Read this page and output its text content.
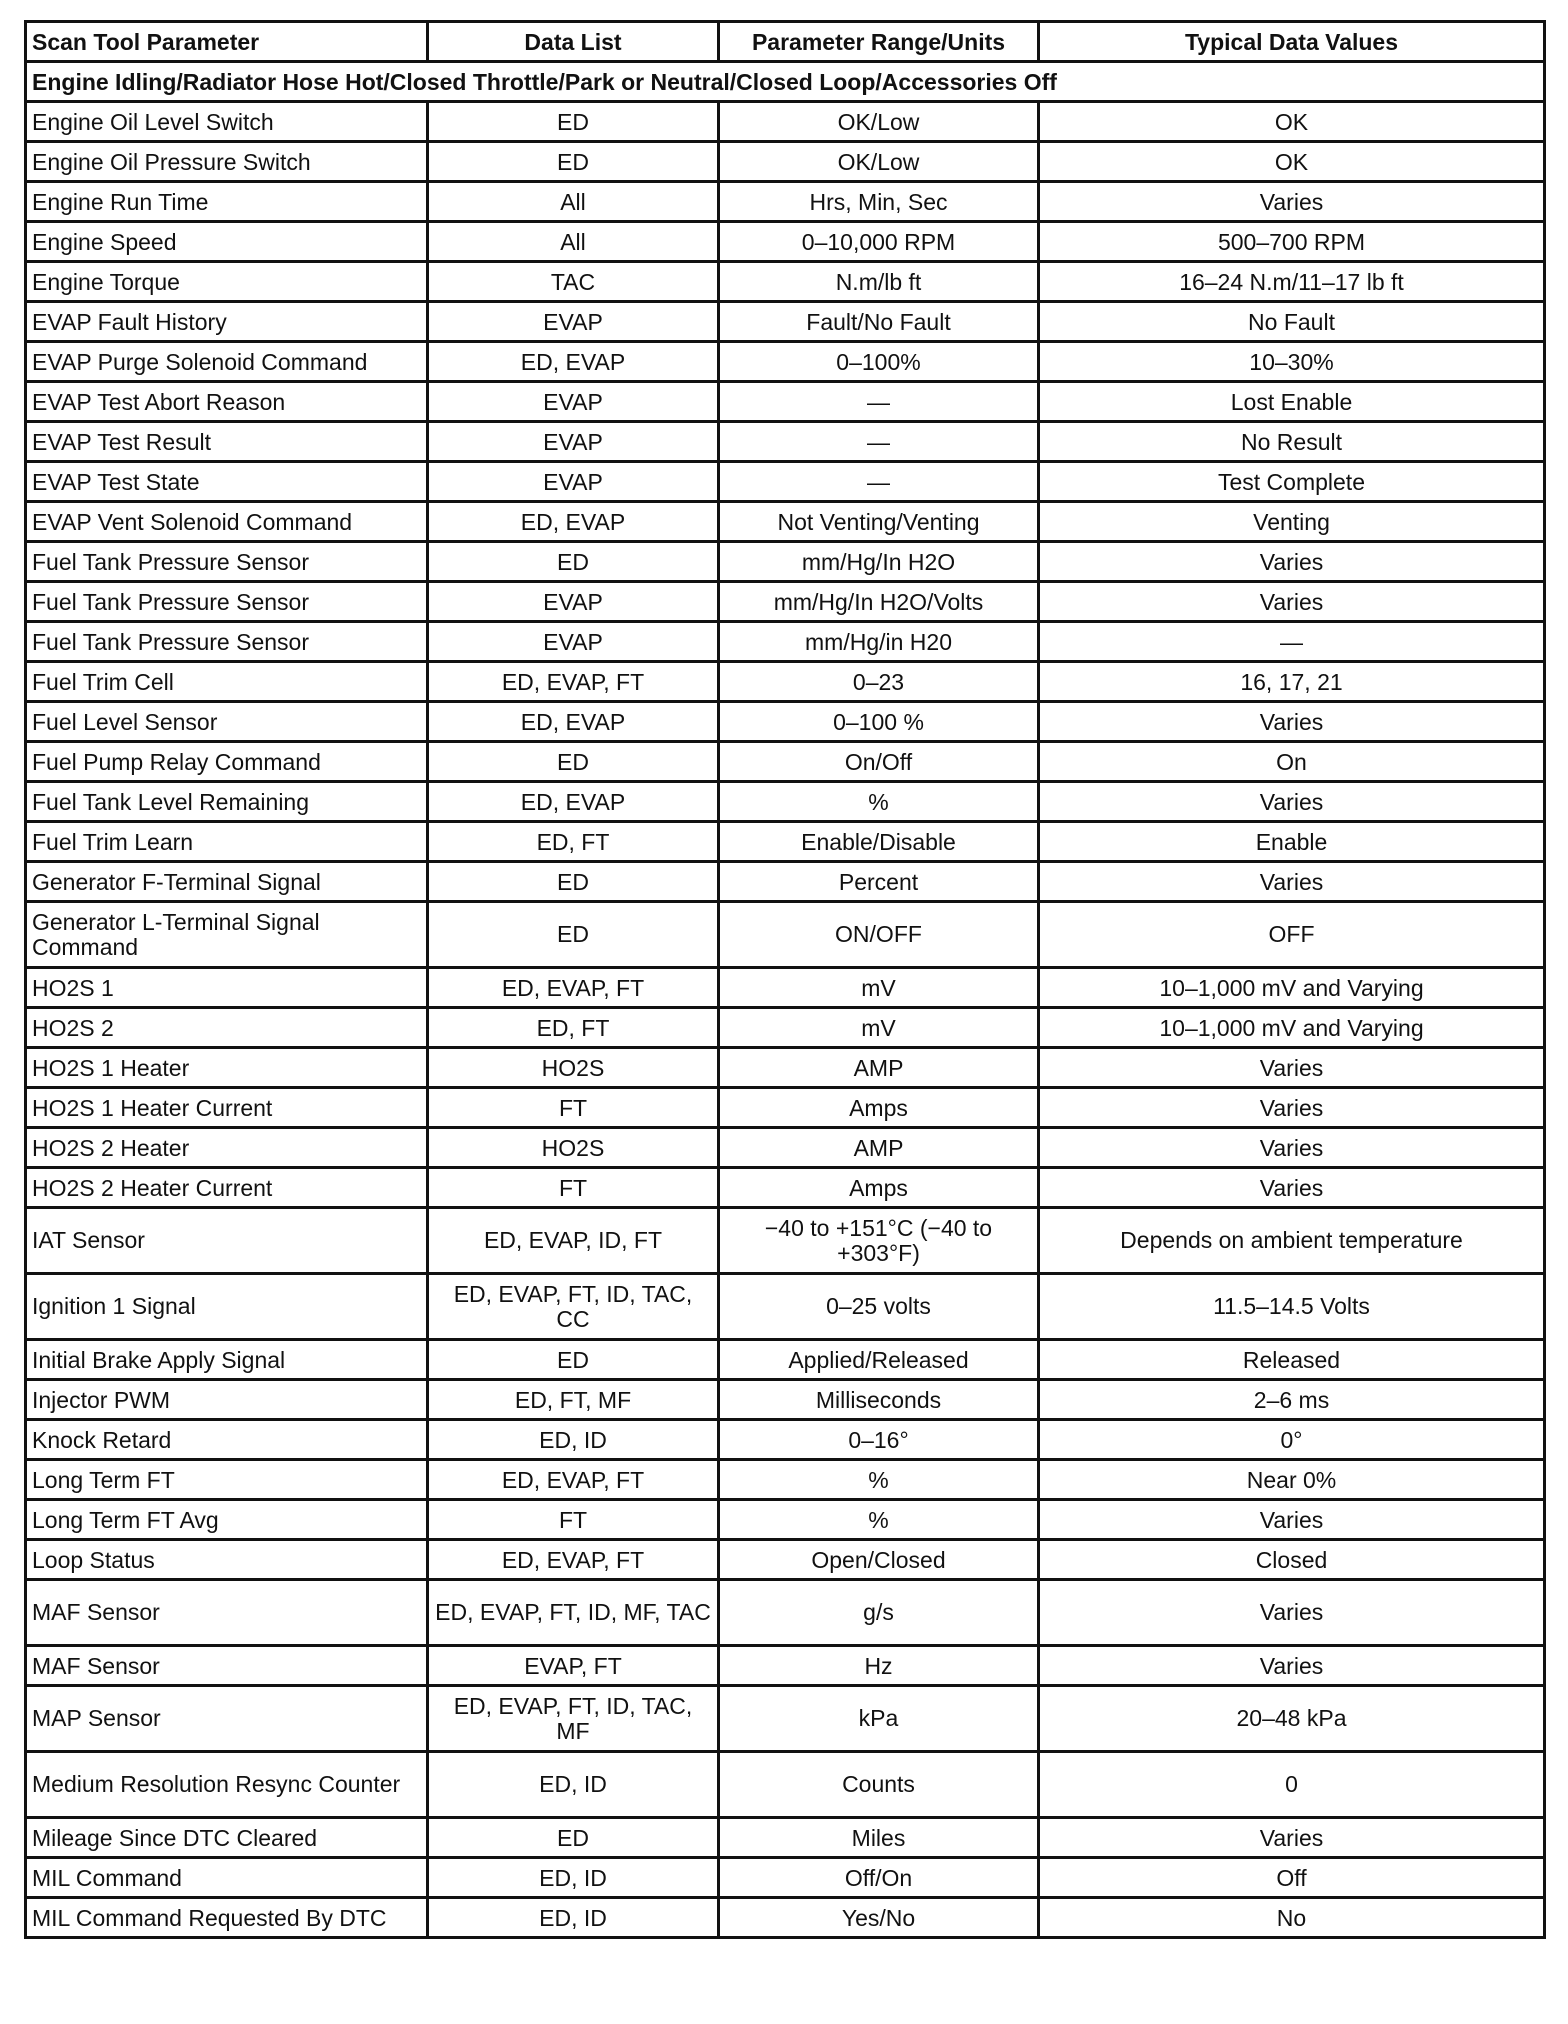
Scan Tool Parameter	Data List	Parameter Range/Units	Typical Data Values
Engine Idling/Radiator Hose Hot/Closed Throttle/Park or Neutral/Closed Loop/Accessories Off			
Engine Oil Level Switch	ED	OK/Low	OK
Engine Oil Pressure Switch	ED	OK/Low	OK
Engine Run Time	All	Hrs, Min, Sec	Varies
Engine Speed	All	0–10,000 RPM	500–700 RPM
Engine Torque	TAC	N.m/lb ft	16–24 N.m/11–17 lb ft
EVAP Fault History	EVAP	Fault/No Fault	No Fault
EVAP Purge Solenoid Command	ED, EVAP	0–100%	10–30%
EVAP Test Abort Reason	EVAP	—	Lost Enable
EVAP Test Result	EVAP	—	No Result
EVAP Test State	EVAP	—	Test Complete
EVAP Vent Solenoid Command	ED, EVAP	Not Venting/Venting	Venting
Fuel Tank Pressure Sensor	ED	mm/Hg/In H2O	Varies
Fuel Tank Pressure Sensor	EVAP	mm/Hg/In H2O/Volts	Varies
Fuel Tank Pressure Sensor	EVAP	mm/Hg/in H20	—
Fuel Trim Cell	ED, EVAP, FT	0–23	16, 17, 21
Fuel Level Sensor	ED, EVAP	0–100 %	Varies
Fuel Pump Relay Command	ED	On/Off	On
Fuel Tank Level Remaining	ED, EVAP	%	Varies
Fuel Trim Learn	ED, FT	Enable/Disable	Enable
Generator F-Terminal Signal	ED	Percent	Varies
Generator L-Terminal Signal Command	ED	ON/OFF	OFF
HO2S 1	ED, EVAP, FT	mV	10–1,000 mV and Varying
HO2S 2	ED, FT	mV	10–1,000 mV and Varying
HO2S 1 Heater	HO2S	AMP	Varies
HO2S 1 Heater Current	FT	Amps	Varies
HO2S 2 Heater	HO2S	AMP	Varies
HO2S 2 Heater Current	FT	Amps	Varies
IAT Sensor	ED, EVAP, ID, FT	−40 to +151°C (−40 to +303°F)	Depends on ambient temperature
Ignition 1 Signal	ED, EVAP, FT, ID, TAC, CC	0–25 volts	11.5–14.5 Volts
Initial Brake Apply Signal	ED	Applied/Released	Released
Injector PWM	ED, FT, MF	Milliseconds	2–6 ms
Knock Retard	ED, ID	0–16°	0°
Long Term FT	ED, EVAP, FT	%	Near 0%
Long Term FT Avg	FT	%	Varies
Loop Status	ED, EVAP, FT	Open/Closed	Closed
MAF Sensor	ED, EVAP, FT, ID, MF, TAC	g/s	Varies
MAF Sensor	EVAP, FT	Hz	Varies
MAP Sensor	ED, EVAP, FT, ID, TAC, MF	kPa	20–48 kPa
Medium Resolution Resync Counter	ED, ID	Counts	0
Mileage Since DTC Cleared	ED	Miles	Varies
MIL Command	ED, ID	Off/On	Off
MIL Command Requested By DTC	ED, ID	Yes/No	No
